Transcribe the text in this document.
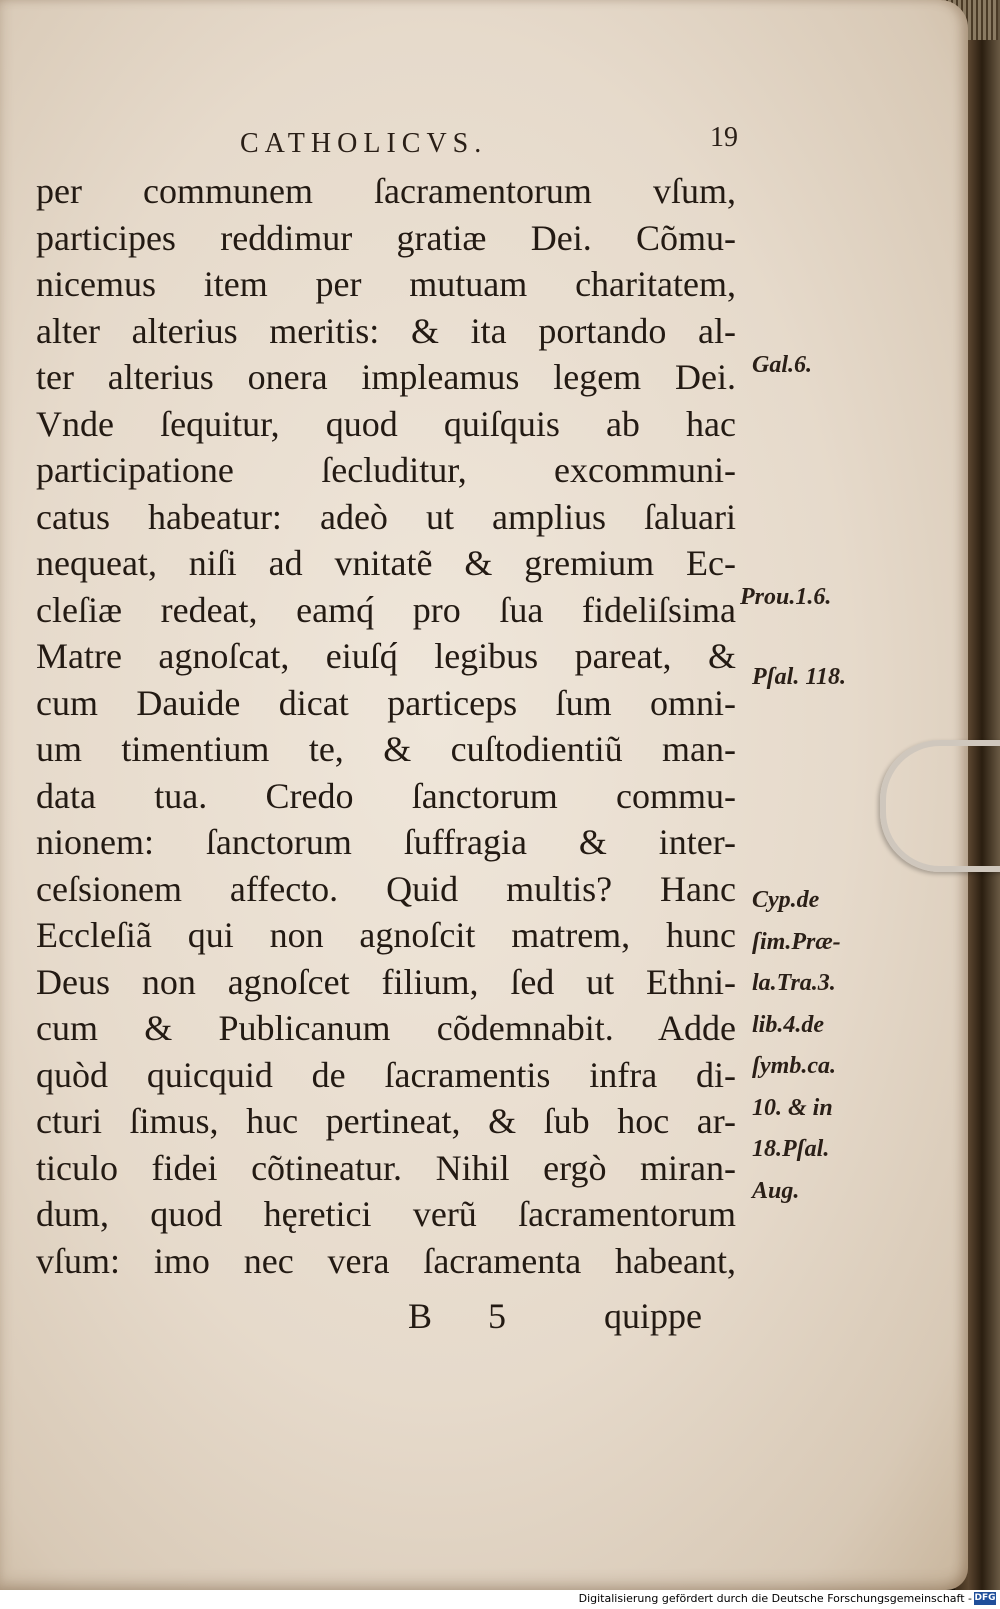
CATHOLICVS.	19
per communem ſacramentorum vſum,
participes reddimur gratiæ Dei. Cõmu-
nicemus item per mutuam charitatem,
alter alterius meritis: & ita portando al-
ter alterius onera impleamus legem Dei.
Vnde ſequitur, quod quiſquis ab hac
participatione ſecluditur, excommuni-
catus habeatur: adeò ut amplius ſaluari
nequeat, niſi ad vnitatẽ & gremium Ec-
cleſiæ redeat, eamq́ pro ſua fideliſsima
Matre agnoſcat, eiuſq́ legibus pareat, &
cum Dauide dicat particeps ſum omni-
um timentium te, & cuſtodientiũ man-
data tua. Credo ſanctorum commu-
nionem: ſanctorum ſuffragia & inter-
ceſsionem affecto. Quid multis? Hanc
Eccleſiã qui non agnoſcit matrem, hunc
Deus non agnoſcet filium, ſed ut Ethni-
cum & Publicanum cõdemnabit. Adde
quòd quicquid de ſacramentis infra di-
cturi ſimus, huc pertineat, & ſub hoc ar-
ticulo fidei cõtineatur. Nihil ergò miran-
dum, quod hęretici verũ ſacramentorum
vſum: imo nec vera ſacramenta habeant,
Gal.6.
Prou.1.6.
Pſal. 118.
Cyp.de
ſim.Præ-
la.Tra.3.
lib.4.de
ſymb.ca.
10. & in
18.Pſal.
Aug.
B 5	quippe
Digitalisierung gefördert durch die Deutsche Forschungsgemeinschaft - DFG
